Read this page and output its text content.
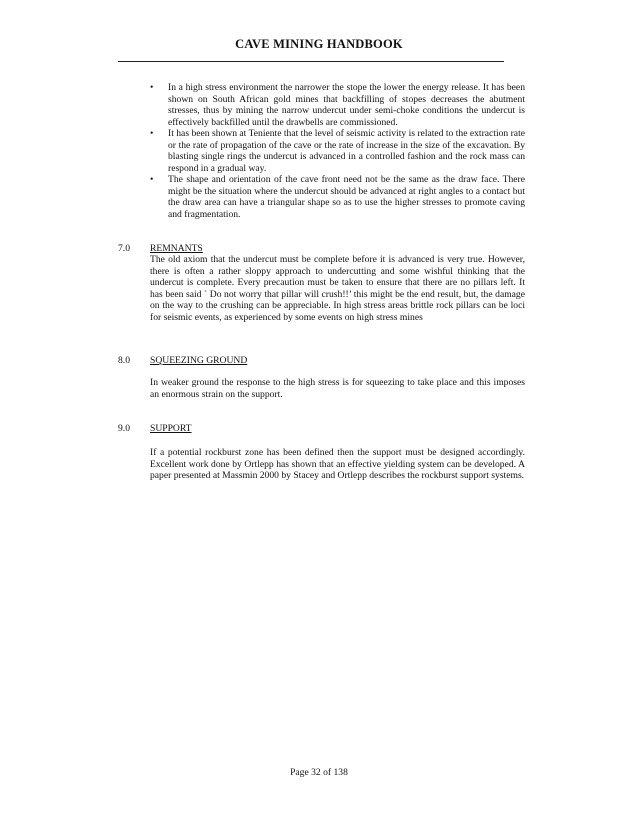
CAVE MINING HANDBOOK
• In a high stress environment the narrower the stope the lower the energy release. It has been shown on South African gold mines that backfilling of stopes decreases the abutment stresses, thus by mining the narrow undercut under semi-choke conditions the undercut is effectively backfilled until the drawbells are commissioned.
• It has been shown at Teniente that the level of seismic activity is related to the extraction rate or the rate of propagation of the cave or the rate of increase in the size of the excavation. By blasting single rings the undercut is advanced in a controlled fashion and the rock mass can respond in a gradual way.
• The shape and orientation of the cave front need not be the same as the draw face. There might be the situation where the undercut should be advanced at right angles to a contact but the draw area can have a triangular shape so as to use the higher stresses to promote caving and fragmentation.
7.0 REMNANTS
The old axiom that the undercut must be complete before it is advanced is very true. However, there is often a rather sloppy approach to undercutting and some wishful thinking that the undercut is complete. Every precaution must be taken to ensure that there are no pillars left. It has been said ` Do not worry that pillar will crush!!’ this might be the end result, but, the damage on the way to the crushing can be appreciable. In high stress areas brittle rock pillars can be loci for seismic events, as experienced by some events on high stress mines
8.0 SQUEEZING GROUND
In weaker ground the response to the high stress is for squeezing to take place and this imposes an enormous strain on the support.
9.0 SUPPORT
If a potential rockburst zone has been defined then the support must be designed accordingly. Excellent work done by Ortlepp has shown that an effective yielding system can be developed. A paper presented at Massmin 2000 by Stacey and Ortlepp describes the rockburst support systems.
Page 32 of 138
